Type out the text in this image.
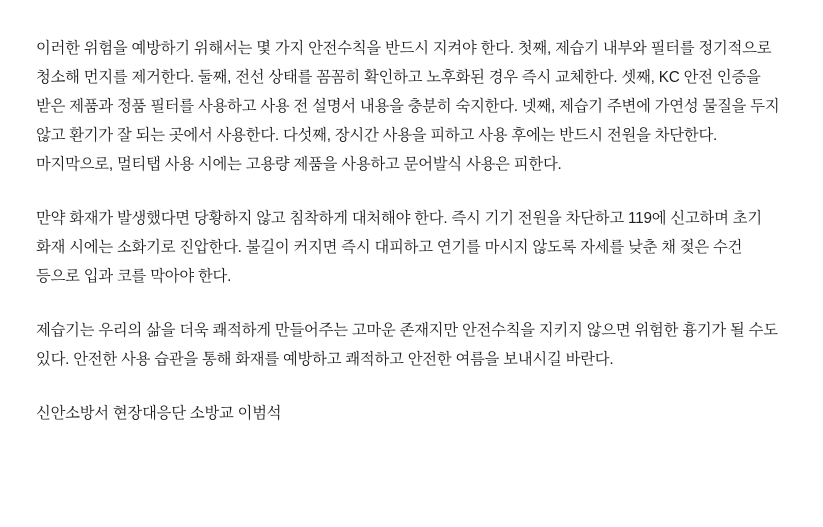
이러한 위험을 예방하기 위해서는 몇 가지 안전수칙을 반드시 지켜야 한다. 첫째, 제습기 내부와 필터를 정기적으로 청소해 먼지를 제거한다. 둘째, 전선 상태를 꼼꼼히 확인하고 노후화된 경우 즉시 교체한다. 셋째, KC 안전 인증을 받은 제품과 정품 필터를 사용하고 사용 전 설명서 내용을 충분히 숙지한다. 넷째, 제습기 주변에 가연성 물질을 두지 않고 환기가 잘 되는 곳에서 사용한다. 다섯째, 장시간 사용을 피하고 사용 후에는 반드시 전원을 차단한다. 마지막으로, 멀티탭 사용 시에는 고용량 제품을 사용하고 문어발식 사용은 피한다.

만약 화재가 발생했다면 당황하지 않고 침착하게 대처해야 한다. 즉시 기기 전원을 차단하고 119에 신고하며 초기 화재 시에는 소화기로 진압한다. 불길이 커지면 즉시 대피하고 연기를 마시지 않도록 자세를 낮춘 채 젖은 수건 등으로 입과 코를 막아야 한다.

제습기는 우리의 삶을 더욱 쾌적하게 만들어주는 고마운 존재지만 안전수칙을 지키지 않으면 위험한 흉기가 될 수도 있다. 안전한 사용 습관을 통해 화재를 예방하고 쾌적하고 안전한 여름을 보내시길 바란다.

신안소방서 현장대응단 소방교 이범석
